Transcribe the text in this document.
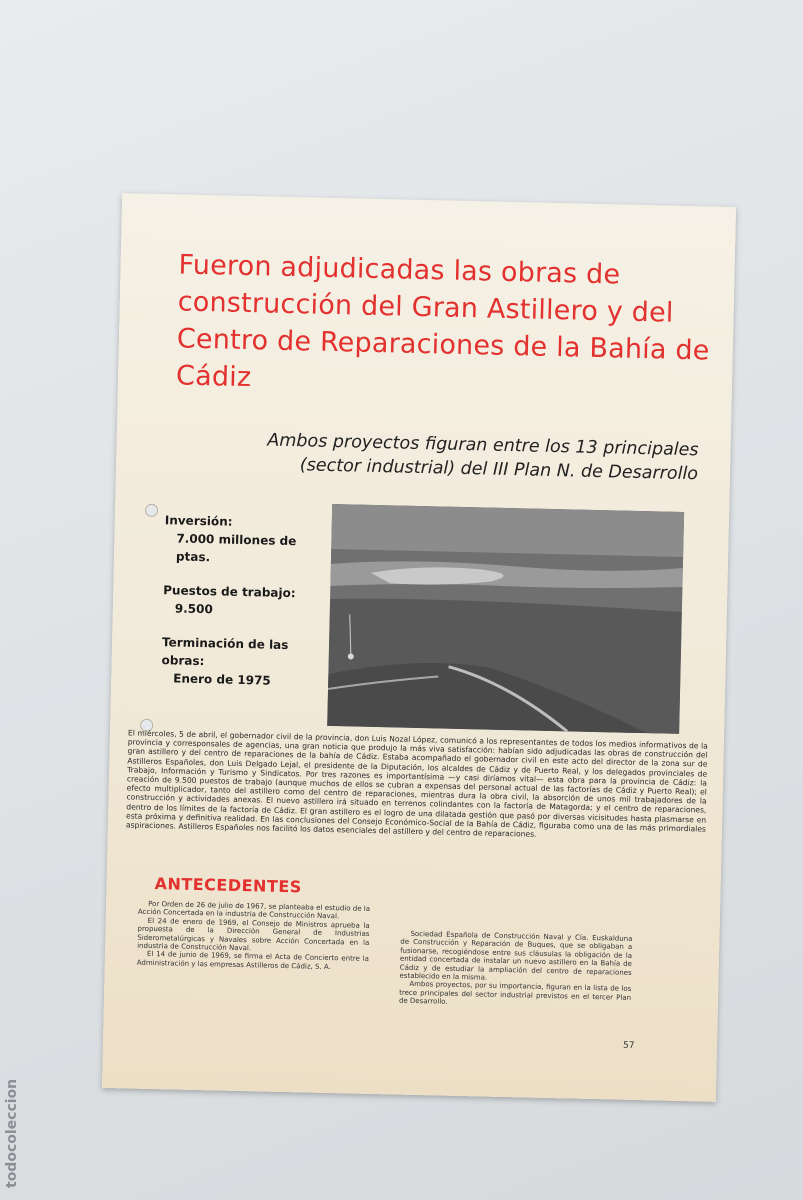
Fueron adjudicadas las obras de construcción del Gran Astillero y del Centro de Reparaciones de la Bahía de Cádiz

Ambos proyectos figuran entre los 13 principales (sector industrial) del III Plan N. de Desarrollo

Inversión:
7.000 millones de ptas.
Puestos de trabajo:
9.500
Terminación de las obras:
Enero de 1975

El miércoles, 5 de abril, el gobernador civil de la provincia, don Luis Nozal López, comunicó a los representantes de todos los medios informativos de la provincia y corresponsales de agencias, una gran noticia que produjo la más viva satisfacción: habían sido adjudicadas las obras de construcción del gran astillero y del centro de reparaciones de la bahía de Cádiz. Estaba acompañado el gobernador civil en este acto del director de la zona sur de Astilleros Españoles, don Luis Delgado Lejal, el presidente de la Diputación, los alcaldes de Cádiz y de Puerto Real, y los delegados provinciales de Trabajo, Información y Turismo y Sindicatos. Por tres razones es importantísima —y casi diríamos vital— esta obra para la provincia de Cádiz: la creación de 9.500 puestos de trabajo (aunque muchos de ellos se cubran a expensas del personal actual de las factorías de Cádiz y Puerto Real); el efecto multiplicador, tanto del astillero como del centro de reparaciones, mientras dura la obra civil, la absorción de unos mil trabajadores de la construcción y actividades anexas. El nuevo astillero irá situado en terrenos colindantes con la factoría de Matagorda; y el centro de reparaciones, dentro de los límites de la factoría de Cádiz. El gran astillero es el logro de una dilatada gestión que pasó por diversas vicisitudes hasta plasmarse en esta próxima y definitiva realidad. En las conclusiones del Consejo Económico-Social de la Bahía de Cádiz, figuraba como una de las más primordiales aspiraciones. Astilleros Españoles nos facilitó los datos esenciales del astillero y del centro de reparaciones.

ANTECEDENTES

Por Orden de 26 de julio de 1967, se planteaba el estudio de la Acción Concertada en la industria de Construcción Naval.

El 24 de enero de 1969, el Consejo de Ministros aprueba la propuesta de la Dirección General de Industrias Siderometalúrgicas y Navales sobre Acción Concertada en la industria de Construcción Naval.

El 14 de junio de 1969, se firma el Acta de Concierto entre la Administración y las empresas Astilleros de Cádiz, S. A.

Sociedad Española de Construcción Naval y Cía. Euskalduna de Construcción y Reparación de Buques, que se obligaban a fusionarse, recogiéndose entre sus cláusulas la obligación de la entidad concertada de instalar un nuevo astillero en la Bahía de Cádiz y de estudiar la ampliación del centro de reparaciones establecido en la misma.

Ambos proyectos, por su importancia, figuran en la lista de los trece principales del sector industrial previstos en el tercer Plan de Desarrollo.

57
todocoleccion
